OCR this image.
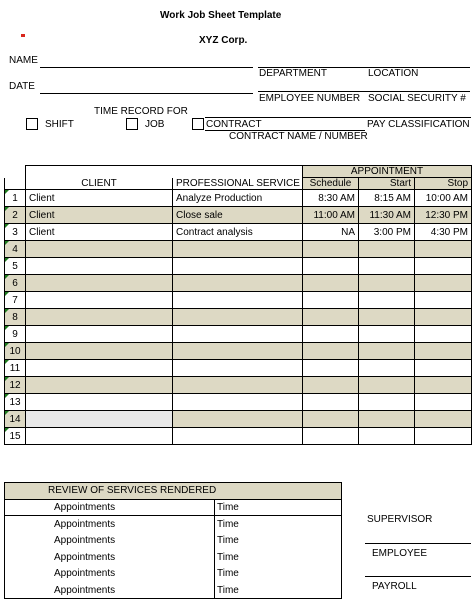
Work Job Sheet Template
XYZ Corp.
NAME
DATE
DEPARTMENT	LOCATION
EMPLOYEE NUMBER SOCIAL SECURITY #
TIME RECORD FOR
SHIFT	JOB	CONTRACT	PAY CLASSIFICATION
CONTRACT NAME / NUMBER
			APPOINTMENT		
	CLIENT	PROFESSIONAL SERVICE	Schedule	Start	Stop

1	Client	Analyze Production	8:30 AM	8:15 AM	10:00 AM

2	Client	Close sale	11:00 AM	11:30 AM	12:30 PM

3	Client	Contract analysis	NA	3:00 PM	4:30 PM

4					

5					

6					

7					

8					

9					

10					

11					

12					

13					

14					

15					
REVIEW OF SERVICES RENDERED	
Appointments	Time
Appointments	Time
Appointments	Time
Appointments	Time
Appointments	Time
Appointments	Time
SUPERVISOR
EMPLOYEE
PAYROLL
